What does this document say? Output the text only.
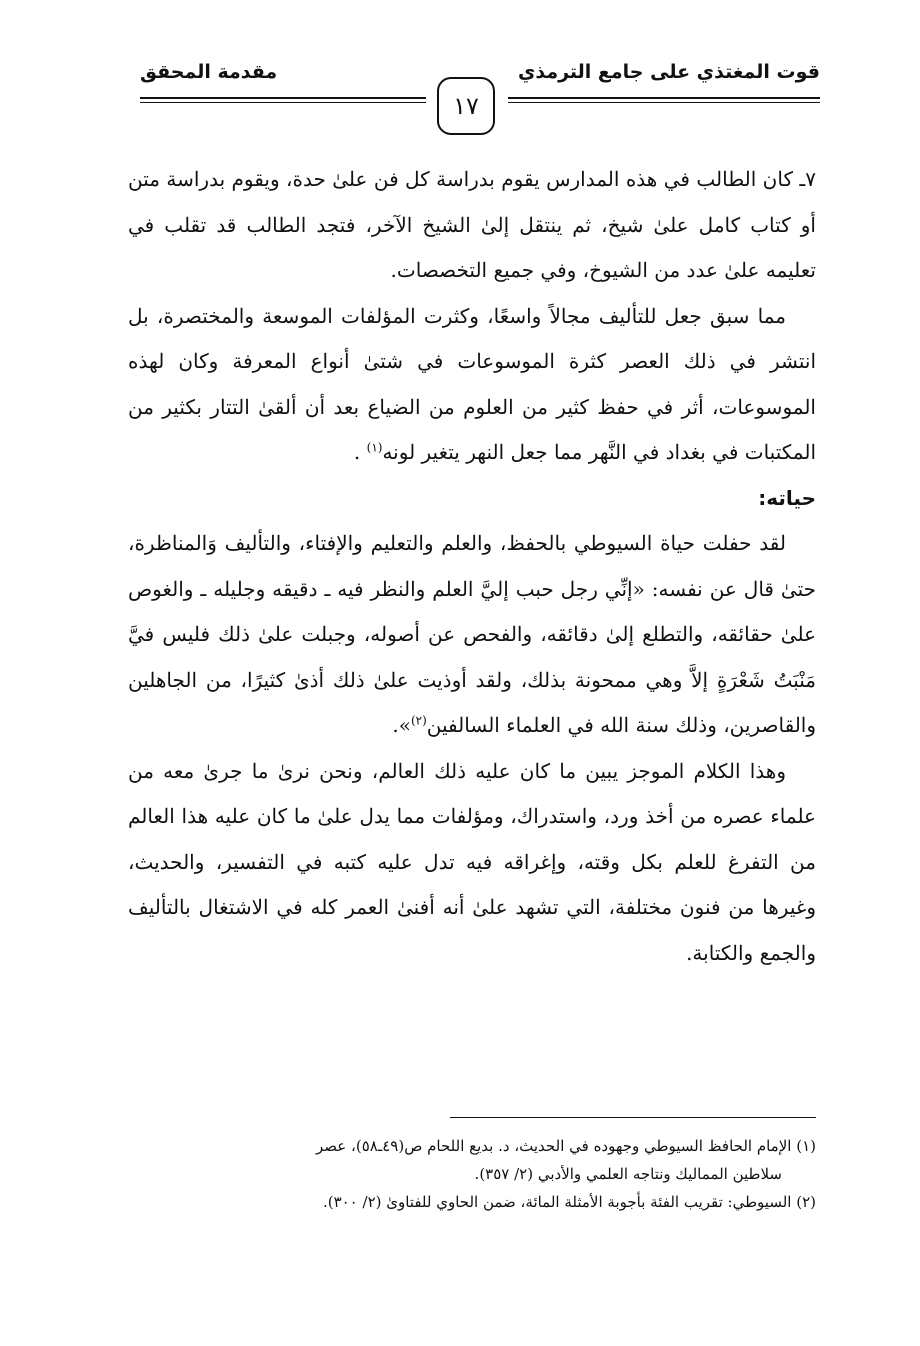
قوت المغتذي على جامع الترمذي
مقدمة المحقق
١٧

٧ـ كان الطالب في هذه المدارس يقوم بدراسة كل فن علىٰ حدة، ويقوم بدراسة متن أو كتاب كامل علىٰ شيخ، ثم ينتقل إلىٰ الشيخ الآخر، فتجد الطالب قد تقلب في تعليمه علىٰ عدد من الشيوخ، وفي جميع التخصصات.

مما سبق جعل للتأليف مجالاً واسعًا، وكثرت المؤلفات الموسعة والمختصرة، بل انتشر في ذلك العصر كثرة الموسوعات في شتىٰ أنواع المعرفة وكان لهذه الموسوعات، أثر في حفظ كثير من العلوم من الضياع بعد أن ألقىٰ التتار بكثير من المكتبات في بغداد في النَّهر مما جعل النهر يتغير لونه$^{(١)}$ .

حياته:

لقد حفلت حياة السيوطي بالحفظ، والعلم والتعليم والإفتاء، والتأليف وَالمناظرة، حتىٰ قال عن نفسه: «إنِّي رجل حبب إليَّ العلم والنظر فيه ـ دقيقه وجليله ـ والغوص علىٰ حقائقه، والتطلع إلىٰ دقائقه، والفحص عن أصوله، وجبلت علىٰ ذلك فليس فيَّ مَنْبَتُ شَعْرَةٍ إلاَّ وهي ممحونة بذلك، ولقد أوذيت علىٰ ذلك أذىٰ كثيرًا، من الجاهلين والقاصرين، وذلك سنة الله في العلماء السالفين$^{(٢)}$».

وهذا الكلام الموجز يبين ما كان عليه ذلك العالم، ونحن نرىٰ ما جرىٰ معه من علماء عصره من أخذ ورد، واستدراك، ومؤلفات مما يدل علىٰ ما كان عليه هذا العالم من التفرغ للعلم بكل وقته، وإغراقه فيه تدل عليه كتبه في التفسير، والحديث، وغيرها من فنون مختلفة، التي تشهد علىٰ أنه أفنىٰ العمر كله في الاشتغال بالتأليف والجمع والكتابة.

(١) الإمام الحافظ السيوطي وجهوده في الحديث، د. بديع اللحام ص(٤٩ـ٥٨)، عصر

سلاطين المماليك ونتاجه العلمي والأدبي (٢/ ٣٥٧).

(٢) السيوطي: تقريب الفئة بأجوبة الأمثلة المائة، ضمن الحاوي للفتاوىٰ (٢/ ٣٠٠).
